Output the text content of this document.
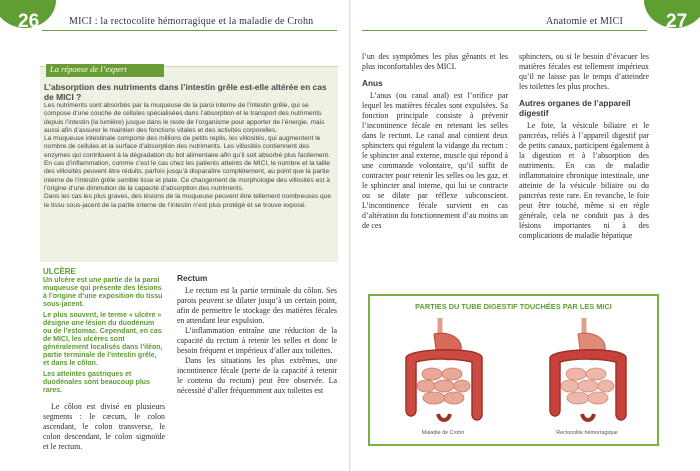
26	MICI : la rectocolite hémorragique et la maladie de Crohn	27
Anatomie et MICI
La réponse de l’expert
L’absorption des nutriments dans l’intestin grêle est-elle altérée en cas de MICI ?

Les nutriments sont absorbés par la muqueuse de la paroi interne de l’intestin grêle, qui se compose d’une couche de cellules spécialisées dans l’absorption et le transport des nutriments depuis l’intestin (la lumière) jusque dans le reste de l’organisme pour apporter de l’énergie, mais aussi afin d’assurer le maintien des fonctions vitales et des activités corporelles.

La muqueuse intestinale comporte des millions de petits replis, les villosités, qui augmentent le nombre de cellules et la surface d’absorption des nutriments. Les villosités contiennent des enzymes qui contribuent à la dégradation du bol alimentaire afin qu’il soit absorbé plus facilement.

En cas d’inflammation, comme c’est le cas chez les patients atteints de MICI, le nombre et la taille des villosités peuvent être réduits, parfois jusqu’à disparaître complètement, au point que la partie interne de l’intestin grêle semble lisse et plate. Ce changement de morphologie des villosités est à l’origine d’une diminution de la capacité d’absorption des nutriments.

Dans les cas les plus graves, des lésions de la muqueuse peuvent être tellement nombreuses que le tissu sous-jacent de la partie interne de l’intestin n’est plus protégé et se trouve exposé.

ULCÈRE

Un ulcère est une partie de la paroi muqueuse qui présente des lésions à l’origine d’une exposition du tissu sous-jacent.

Le plus souvent, le terme « ulcère » désigne une lésion du duodénum ou de l’estomac. Cependant, en cas de MICI, les ulcères sont généralement localisés dans l’iléon, partie terminale de l’intestin grêle, et dans le côlon.

Les atteintes gastriques et duodénales sont beaucoup plus rares.

Le côlon est divisé en plusieurs segments : le cæcum, le colon ascendant, le colon transverse, le colon descendant, le colon sigmoïde et le rectum.

Rectum

Le rectum est la partie terminale du côlon. Ses parois peuvent se dilater jusqu’à un certain point, afin de permettre le stockage des matières fécales en attendant leur expulsion.

L’inflammation entraîne une réduction de la capacité du rectum à retenir les selles et donc le besoin fréquent et impérieux d’aller aux toilettes.

Dans les situations les plus extrêmes, une incontinence fécale (perte de la capacité à retenir le contenu du rectum) peut être observée. La nécessité d’aller fréquemment aux toilettes est

l’un des symptômes les plus gênants et les plus inconfortables des MICI.

Anus

L’anus (ou canal anal) est l’orifice par lequel les matières fécales sont expulsées. Sa fonction principale consiste à prévenir l’incontinence fécale en retenant les selles dans le rectum. Le canal anal contient deux sphincters qui régulent la vidange du rectum : le sphincter anal externe, muscle qui répond à une commande volontaire, qu’il suffit de contracter pour retenir les selles ou les gaz, et le sphincter anal interne, qui lui se contracte ou se dilate par réflexe subconscient. L’incontinence fécale survient en cas d’altération du fonctionnement d’au moins un de ces

sphincters, ou si le besoin d’évacuer les matières fécales est tellement impérieux qu’il ne laisse pas le temps d’atteindre les toilettes les plus proches.

Autres organes de l’appareil digestif

Le foie, la vésicule biliaire et le pancréas, reliés à l’appareil digestif par de petits canaux, participent également à la digestion et à l’absorption des nutriments. En cas de maladie inflammatoire chronique intestinale, une atteinte de la vésicule biliaire ou du pancréas reste rare. En revanche, le foie peut être touché, même si en règle générale, cela ne conduit pas à des lésions importantes ni à des complications de maladie hépatique

PARTIES DU TUBE DIGESTIF TOUCHÉES PAR LES MICI
Maladie de Crohn	Rectocolite hémorragique
